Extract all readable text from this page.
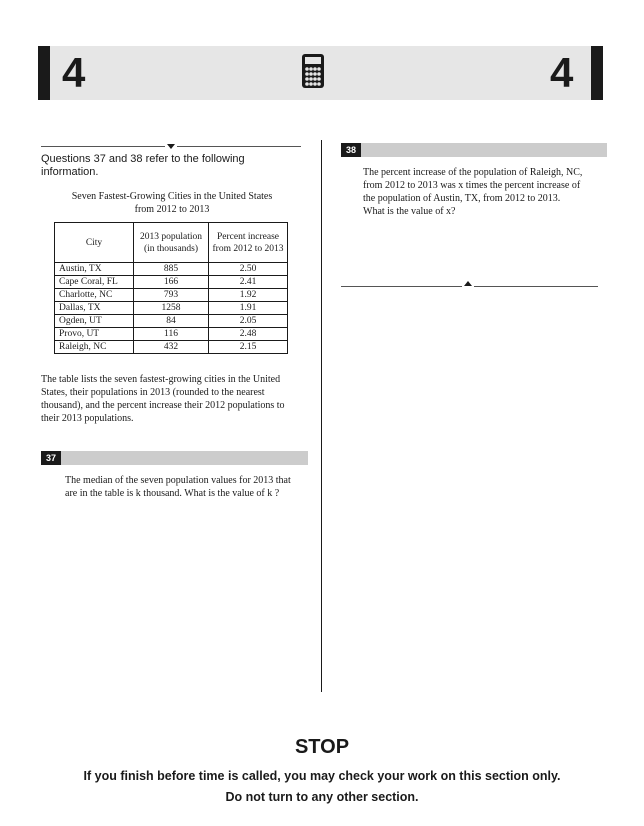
4	4
Questions 37 and 38 refer to the following information.
Seven Fastest-Growing Cities in the United States
from 2012 to 2013
City	2013 population (in thousands)	Percent increase from 2012 to 2013
Austin, TX	885	2.50
Cape Coral, FL	166	2.41
Charlotte, NC	793	1.92
Dallas, TX	1258	1.91
Ogden, UT	84	2.05
Provo, UT	116	2.48
Raleigh, NC	432	2.15
The table lists the seven fastest-growing cities in the United States, their populations in 2013 (rounded to the nearest thousand), and the percent increase their 2012 populations to their 2013 populations.
37
The median of the seven population values for 2013 that are in the table is k thousand. What is the value of k ?
38
The percent increase of the population of Raleigh, NC, from 2012 to 2013 was x times the percent increase of the population of Austin, TX, from 2012 to 2013. What is the value of x?
STOP
If you finish before time is called, you may check your work on this section only.
Do not turn to any other section.
